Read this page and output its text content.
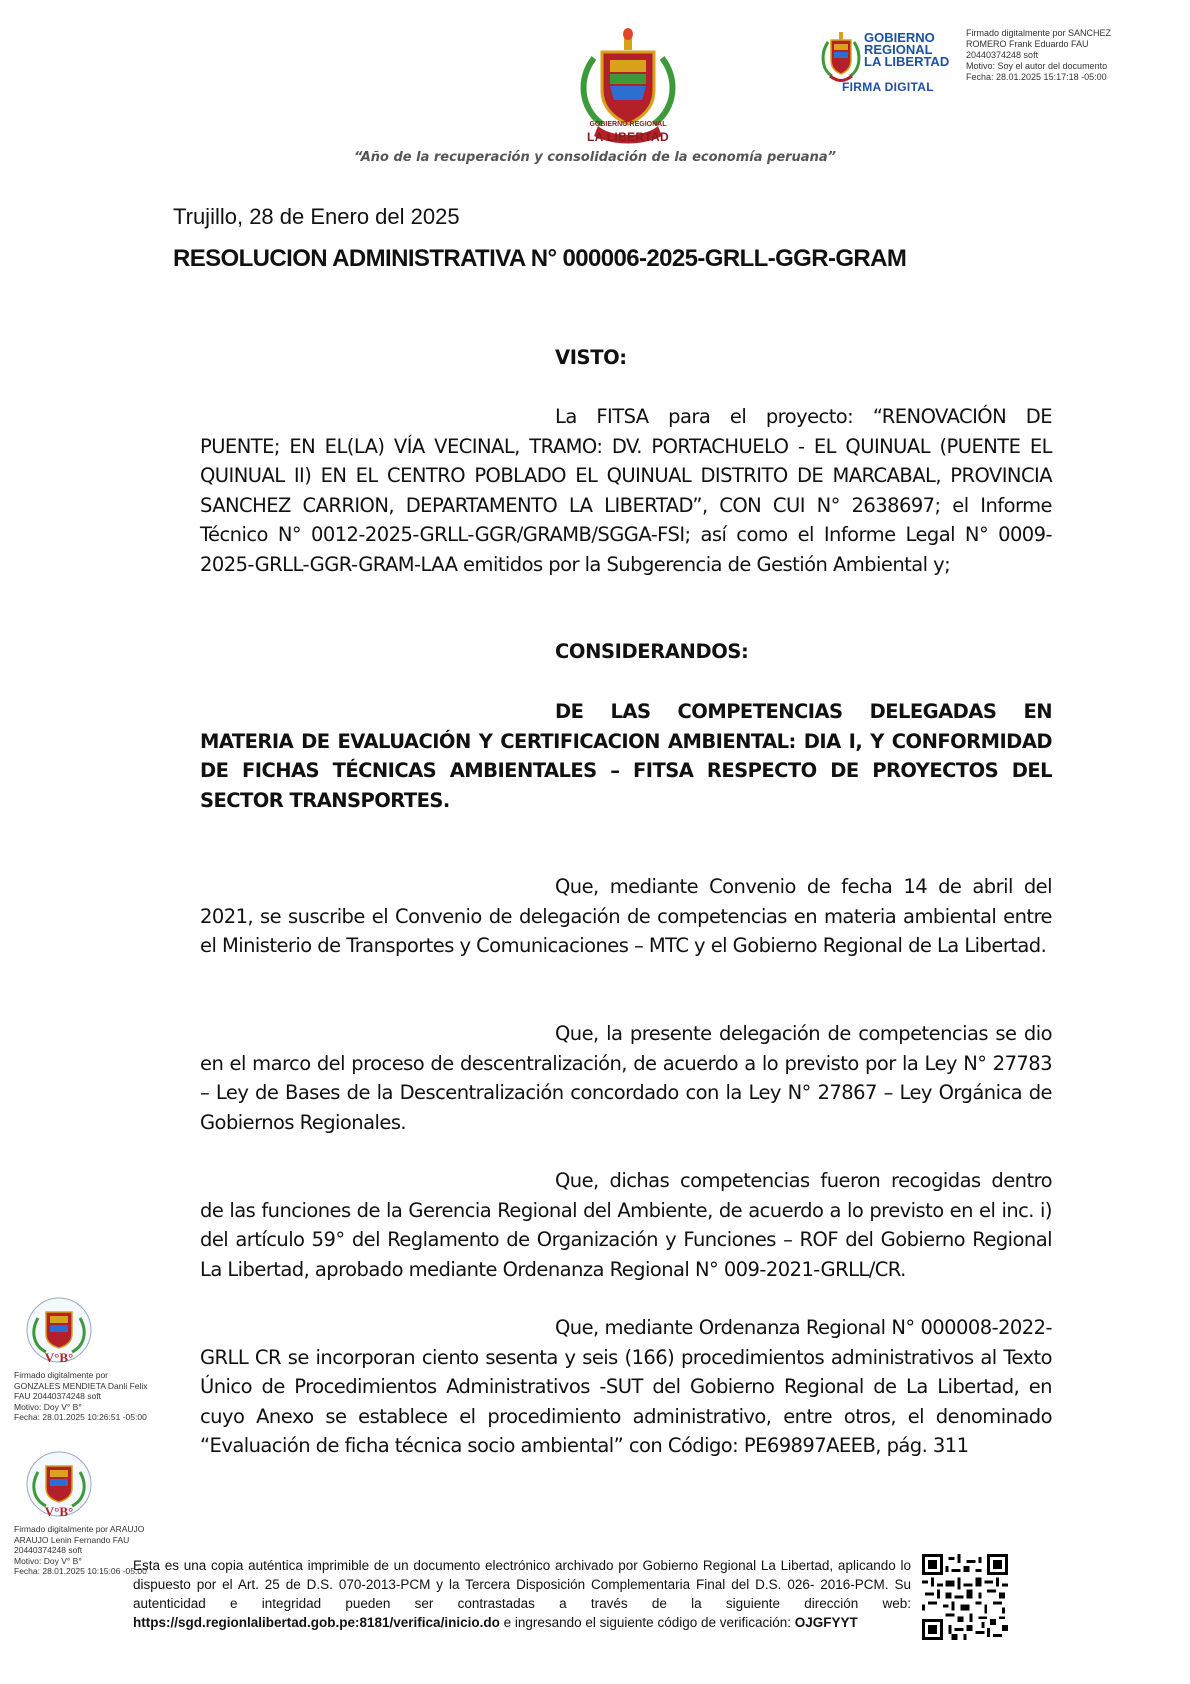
GOBIERNO REGIONAL
LA LIBERTAD
“Año de la recuperación y consolidación de la economía peruana”
GOBIERNO
REGIONAL
LA LIBERTAD
FIRMA DIGITAL
Firmado digitalmente por SANCHEZ
ROMERO Frank Eduardo FAU
20440374248 soft
Motivo: Soy el autor del documento
Fecha: 28.01.2025 15:17:18 -05:00
Trujillo, 28 de Enero del 2025
RESOLUCION ADMINISTRATIVA N° 000006-2025-GRLL-GGR-GRAM
VISTO:
La FITSA para el proyecto: “RENOVACIÓN DE PUENTE; EN EL(LA) VÍA VECINAL, TRAMO: DV. PORTACHUELO - EL QUINUAL (PUENTE EL QUINUAL II) EN EL CENTRO POBLADO EL QUINUAL DISTRITO DE MARCABAL, PROVINCIA SANCHEZ CARRION, DEPARTAMENTO LA LIBERTAD”, CON CUI N° 2638697; el Informe Técnico N° 0012-2025-GRLL-GGR/GRAMB/SGGA-FSI; así como el Informe Legal N° 0009-2025-GRLL-GGR-GRAM-LAA emitidos por la Subgerencia de Gestión Ambiental y;
CONSIDERANDOS:
DE LAS COMPETENCIAS DELEGADAS EN MATERIA DE EVALUACIÓN Y CERTIFICACION AMBIENTAL: DIA I, Y CONFORMIDAD DE FICHAS TÉCNICAS AMBIENTALES – FITSA RESPECTO DE PROYECTOS DEL SECTOR TRANSPORTES.
Que, mediante Convenio de fecha 14 de abril del 2021, se suscribe el Convenio de delegación de competencias en materia ambiental entre el Ministerio de Transportes y Comunicaciones – MTC y el Gobierno Regional de La Libertad.
Que, la presente delegación de competencias se dio en el marco del proceso de descentralización, de acuerdo a lo previsto por la Ley N° 27783 – Ley de Bases de la Descentralización concordado con la Ley N° 27867 – Ley Orgánica de Gobiernos Regionales.
Que, dichas competencias fueron recogidas dentro de las funciones de la Gerencia Regional del Ambiente, de acuerdo a lo previsto en el inc. i) del artículo 59° del Reglamento de Organización y Funciones – ROF del Gobierno Regional La Libertad, aprobado mediante Ordenanza Regional N° 009-2021-GRLL/CR.
Que, mediante Ordenanza Regional N° 000008-2022-GRLL CR se incorporan ciento sesenta y seis (166) procedimientos administrativos al Texto Único de Procedimientos Administrativos -SUT del Gobierno Regional de La Libertad, en cuyo Anexo se establece el procedimiento administrativo, entre otros, el denominado “Evaluación de ficha técnica socio ambiental” con Código: PE69897AEEB, pág. 311
V°B°
Firmado digitalmente por
GONZALES MENDIETA Danli Felix
FAU 20440374248 soft
Motivo: Doy V° B°
Fecha: 28.01.2025 10:26:51 -05:00
V°B°
Firmado digitalmente por ARAUJO
ARAUJO Lenin Fernando FAU
20440374248 soft
Motivo: Doy V° B°
Fecha: 28.01.2025 10:15:06 -05:00
Esta es una copia auténtica imprimible de un documento electrónico archivado por Gobierno Regional La Libertad, aplicando lo dispuesto por el Art. 25 de D.S. 070-2013-PCM y la Tercera Disposición Complementaria Final del D.S. 026- 2016-PCM. Su autenticidad e integridad pueden ser contrastadas a través de la siguiente dirección web: https://sgd.regionlalibertad.gob.pe:8181/verifica/inicio.do e ingresando el siguiente código de verificación: OJGFYYT
